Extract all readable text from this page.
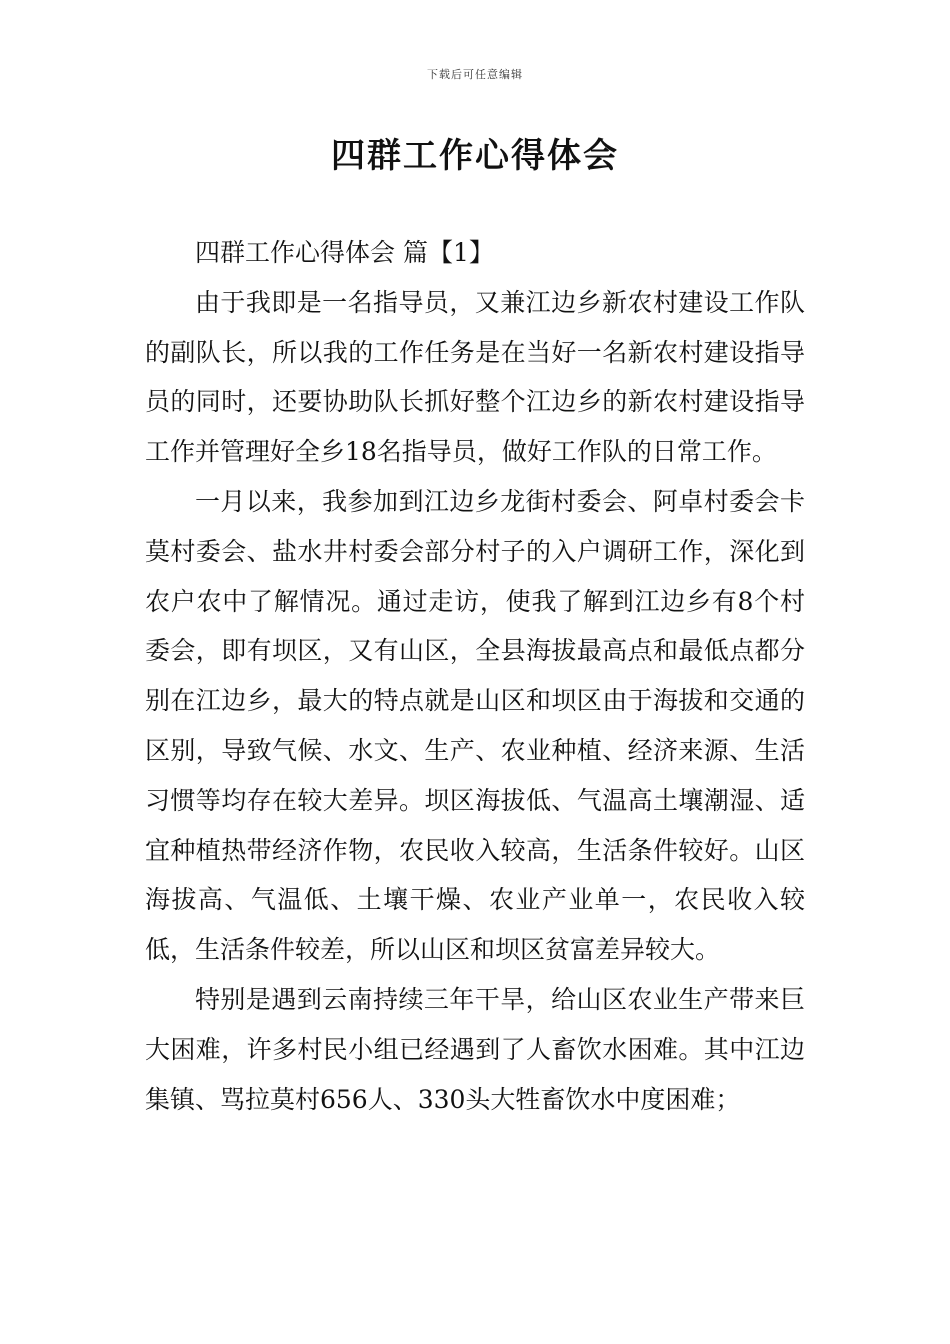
下载后可任意编辑
四群工作心得体会

四群工作心得体会 篇【1】

由于我即是一名指导员，又兼江边乡新农村建设工作队的副队长，所以我的工作任务是在当好一名新农村建设指导员的同时，还要协助队长抓好整个江边乡的新农村建设指导工作并管理好全乡18名指导员，做好工作队的日常工作。

一月以来，我参加到江边乡龙街村委会、阿卓村委会卡莫村委会、盐水井村委会部分村子的入户调研工作，深化到农户农中了解情况。通过走访，使我了解到江边乡有8个村委会，即有坝区，又有山区，全县海拔最高点和最低点都分别在江边乡，最大的特点就是山区和坝区由于海拔和交通的区别，导致气候、水文、生产、农业种植、经济来源、生活习惯等均存在较大差异。坝区海拔低、气温高土壤潮湿、适宜种植热带经济作物，农民收入较高，生活条件较好。山区海拔高、气温低、土壤干燥、农业产业单一，农民收入较低，生活条件较差，所以山区和坝区贫富差异较大。

特别是遇到云南持续三年干旱，给山区农业生产带来巨大困难，许多村民小组已经遇到了人畜饮水困难。其中江边集镇、骂拉莫村656人、330头大牲畜饮水中度困难；
